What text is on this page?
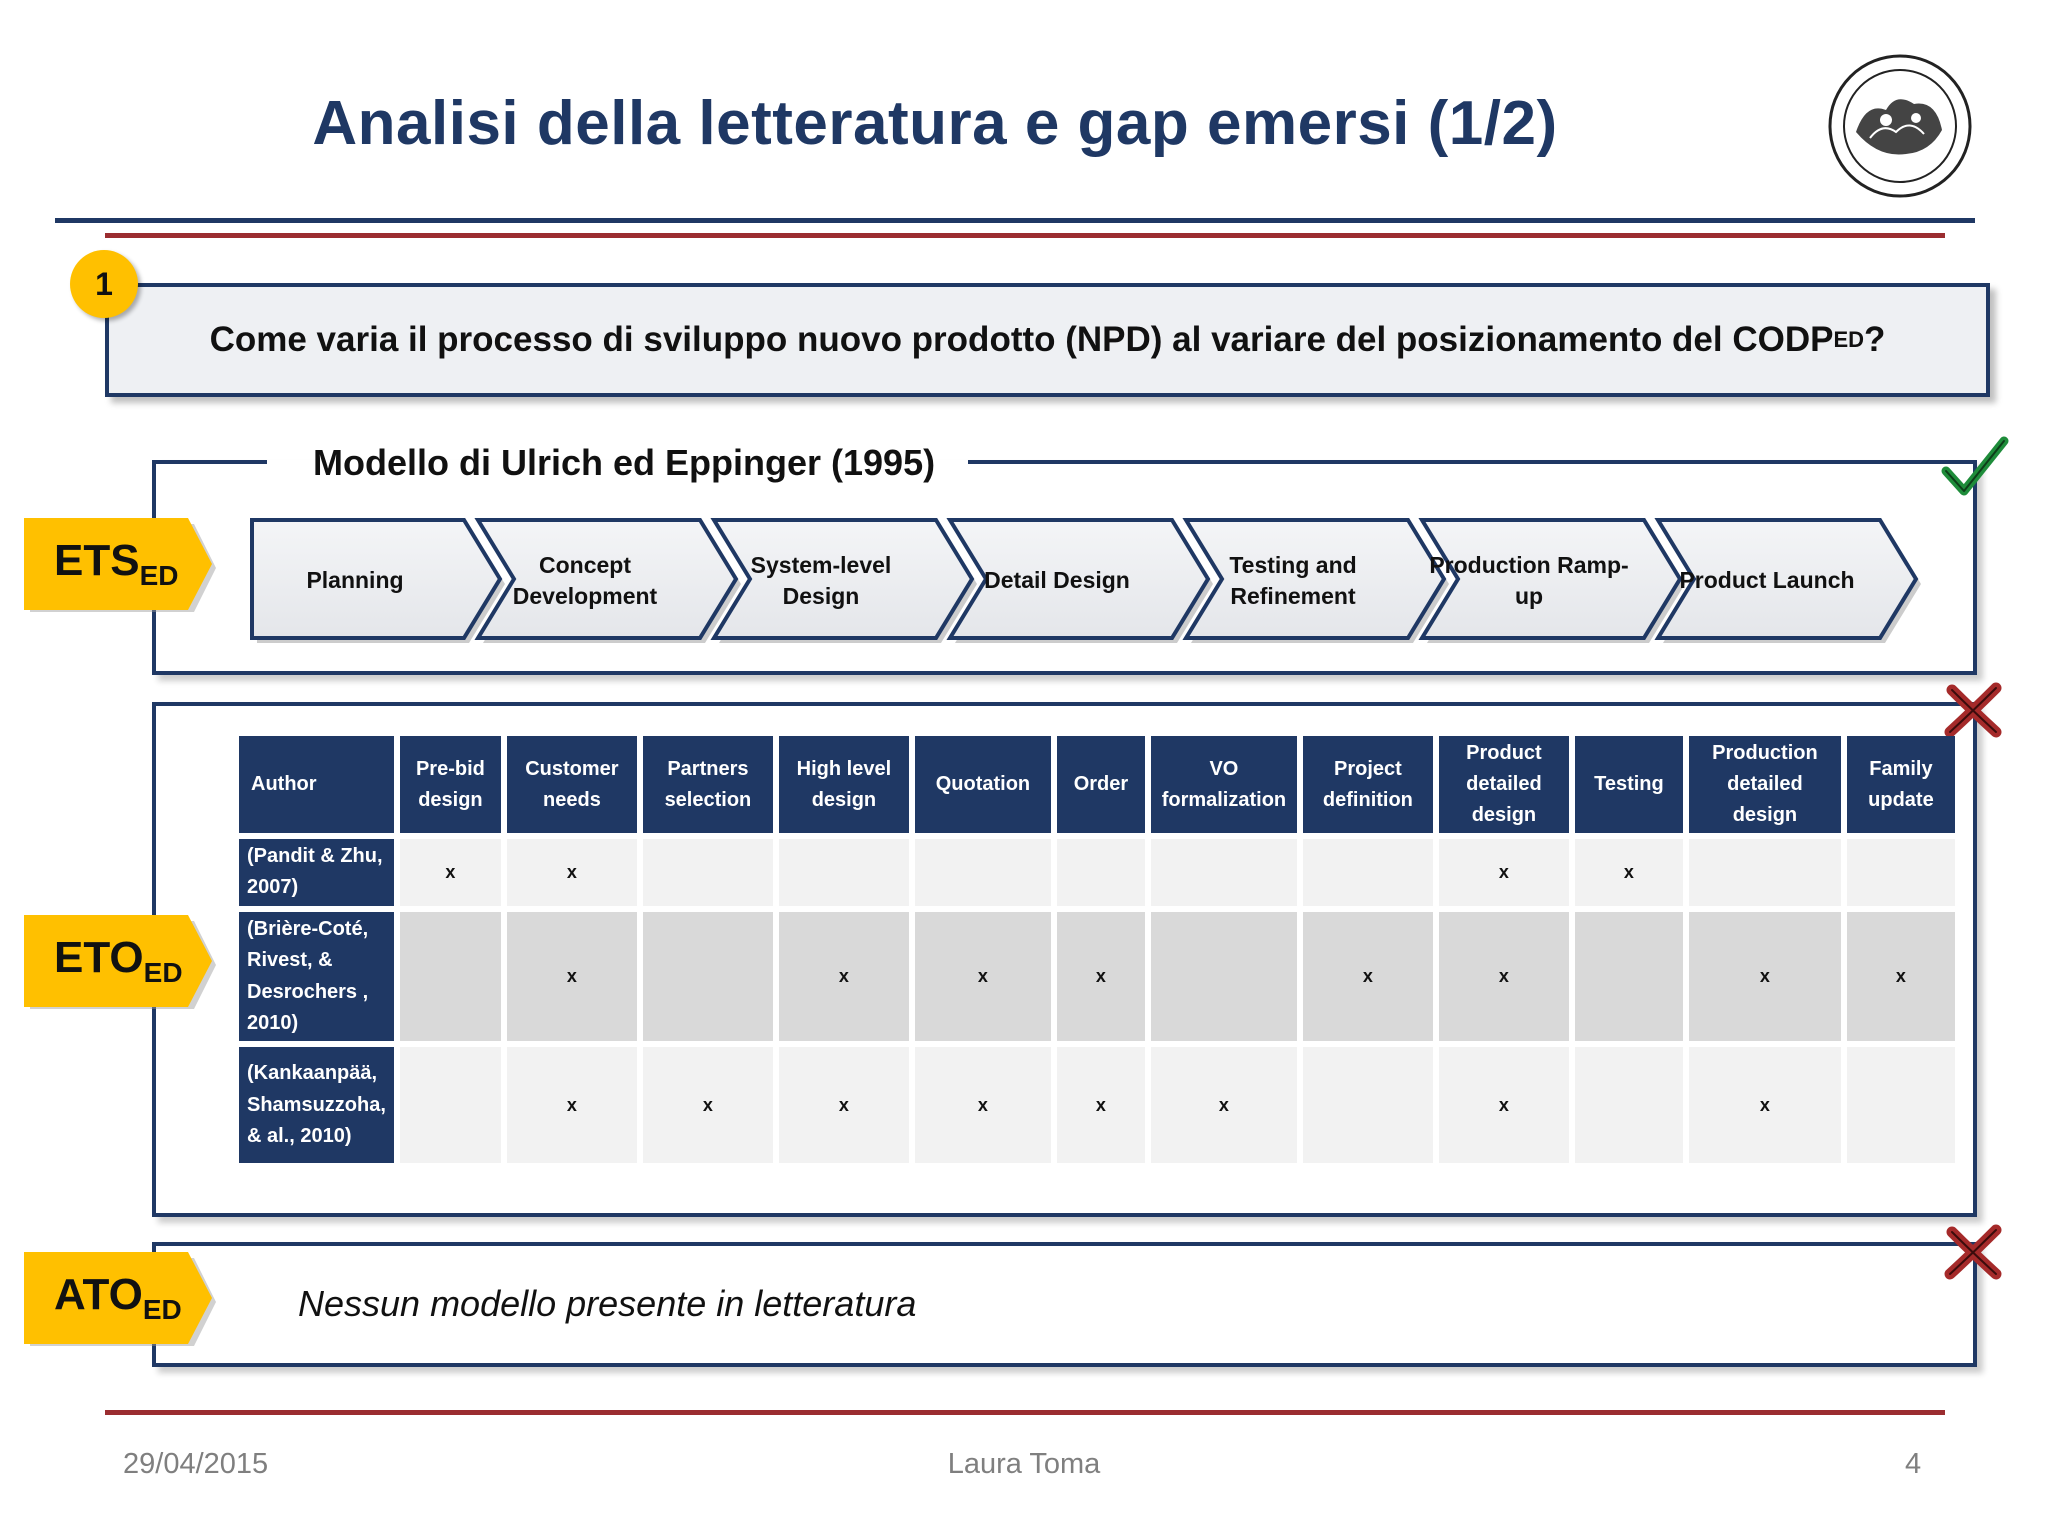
Analisi della letteratura e gap emersi (1/2)
Come varia il processo di sviluppo nuovo prodotto (NPD) al variare del posizionamento del CODP ED ?
1
Modello di Ulrich ed Eppinger (1995)
Planning
Concept Development
System-level Design
Detail Design
Testing and Refinement
Production Ramp-up
Product Launch
$ETS_{ED}$
$ETO_{ED}$
Author	Pre-bid design	Customer needs	Partners selection	High level design	Quotation	Order	VO formalization	Project definition	Product detailed design	Testing	Production detailed design	Family update
(Pandit & Zhu, 2007)	x	x							x	x		
(Brière-Coté, Rivest, & Desrochers , 2010)		x		x	x	x		x	x		x	x
(Kankaanpää, Shamsuzzoha, & al., 2010)		x	x	x	x	x	x		x		x	
$ATO_{ED}$	Nessun modello presente in letteratura
29/04/2015	Laura Toma	4
